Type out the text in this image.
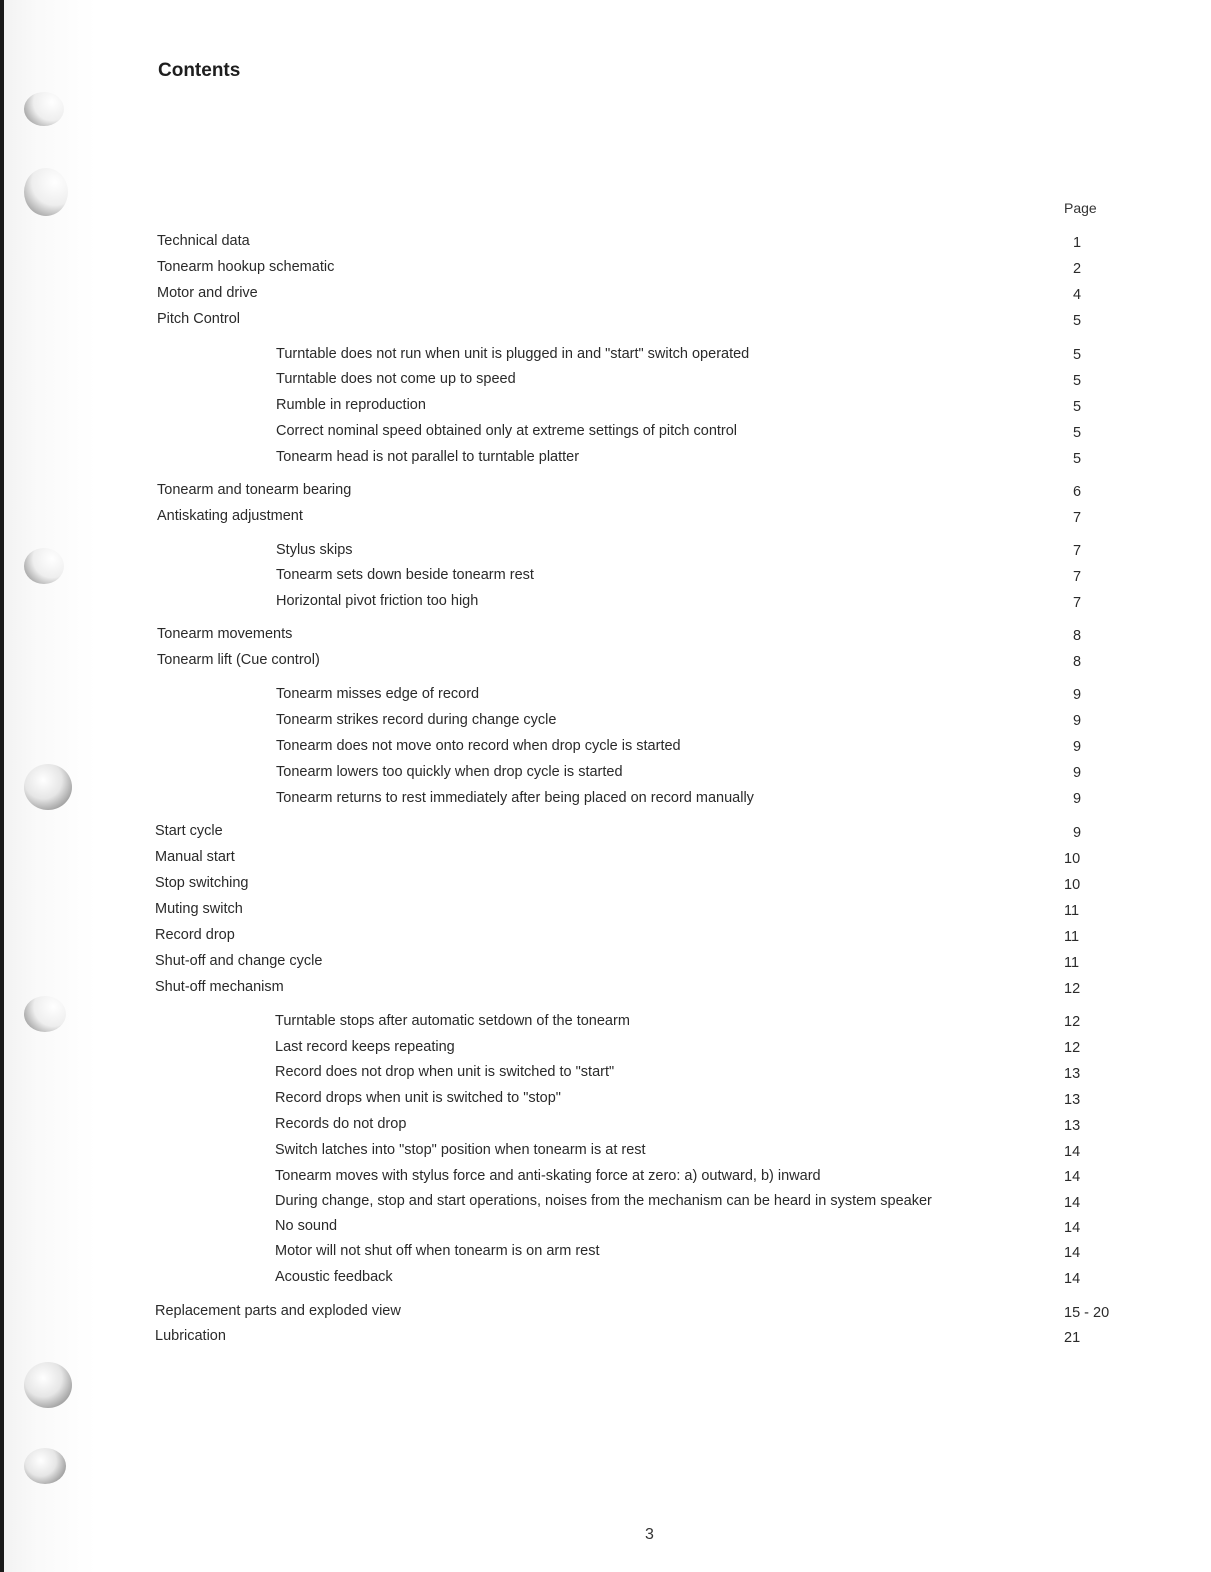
Contents
Page
Technical data	1
Tonearm hookup schematic	2
Motor and drive	4
Pitch Control	5
Turntable does not run when unit is plugged in and "start" switch operated	5
Turntable does not come up to speed	5
Rumble in reproduction	5
Correct nominal speed obtained only at extreme settings of pitch control	5
Tonearm head is not parallel to turntable platter	5
Tonearm and tonearm bearing	6
Antiskating adjustment	7
Stylus skips	7
Tonearm sets down beside tonearm rest	7
Horizontal pivot friction too high	7
Tonearm movements	8
Tonearm lift (Cue control)	8
Tonearm misses edge of record	9
Tonearm strikes record during change cycle	9
Tonearm does not move onto record when drop cycle is started	9
Tonearm lowers too quickly when drop cycle is started	9
Tonearm returns to rest immediately after being placed on record manually	9
Start cycle	9
Manual start	10
Stop switching	10
Muting switch	11
Record drop	11
Shut-off and change cycle	11
Shut-off mechanism	12
Turntable stops after automatic setdown of the tonearm	12
Last record keeps repeating	12
Record does not drop when unit is switched to "start"	13
Record drops when unit is switched to "stop"	13
Records do not drop	13
Switch latches into "stop" position when tonearm is at rest	14
Tonearm moves with stylus force and anti-skating force at zero: a) outward, b) inward	14
During change, stop and start operations, noises from the mechanism can be heard in system speaker	14
No sound	14
Motor will not shut off when tonearm is on arm rest	14
Acoustic feedback	14
Replacement parts and exploded view	15 - 20
Lubrication	21
3
